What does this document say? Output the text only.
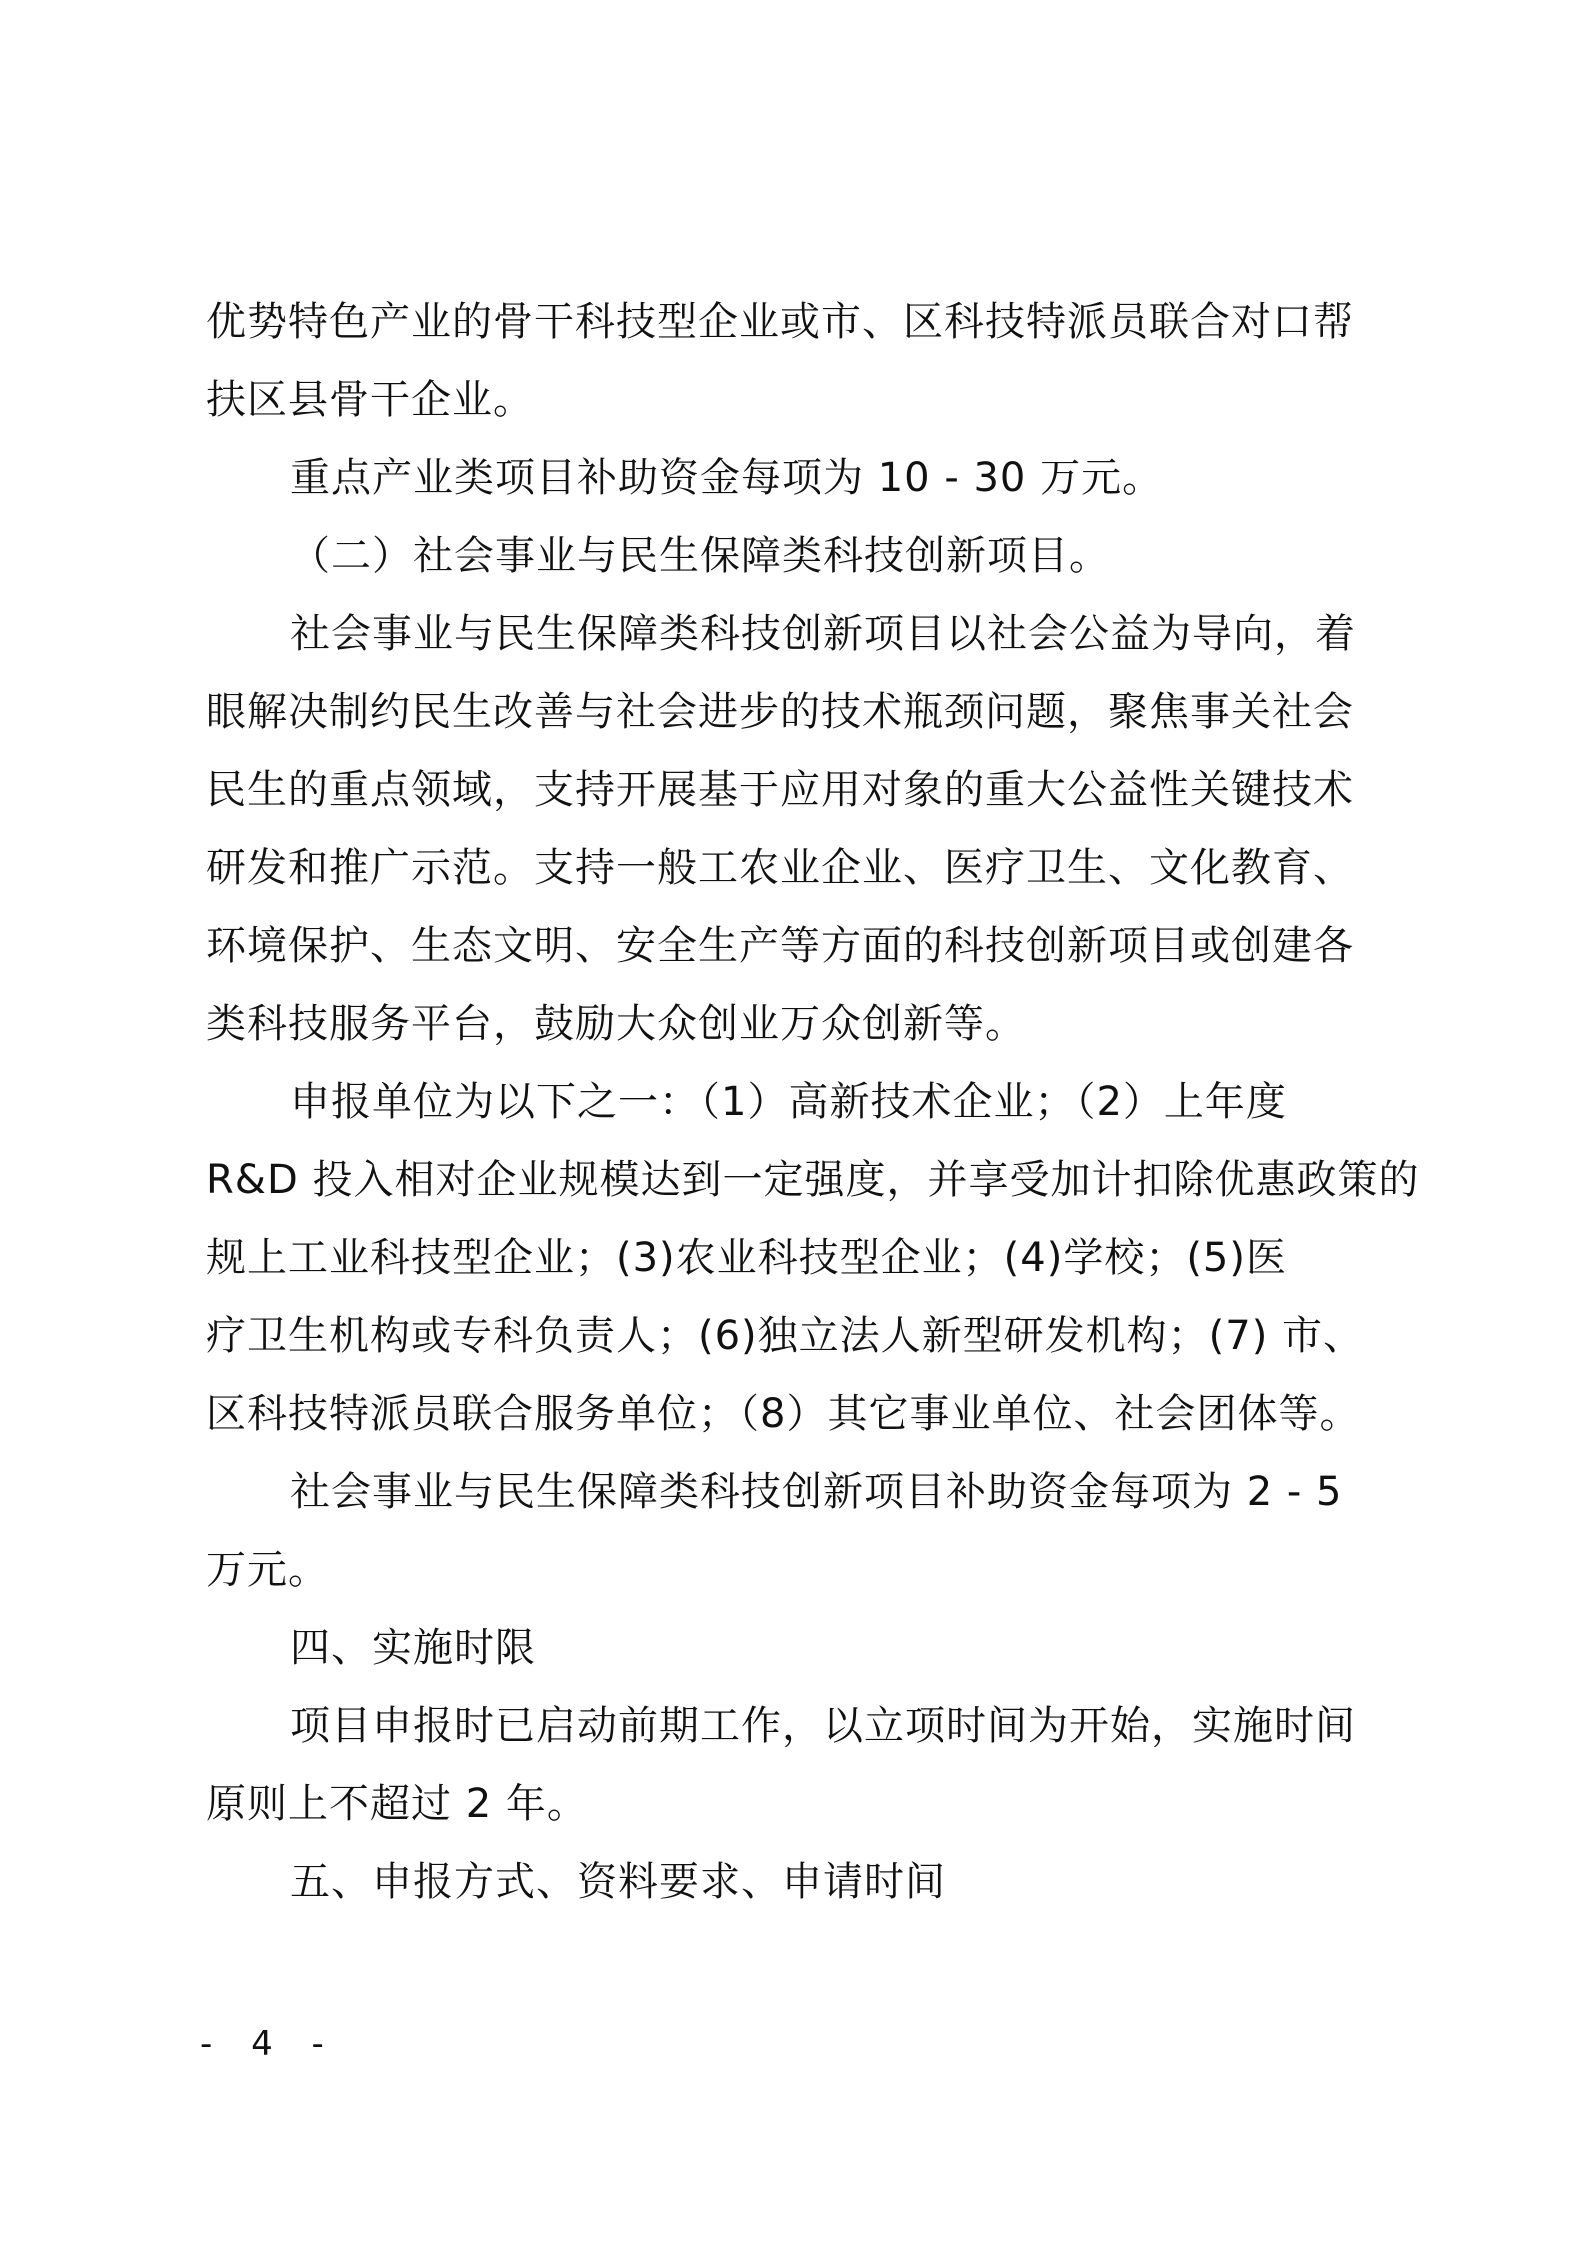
优势特色产业的骨干科技型企业或市、区科技特派员联合对口帮
扶区县骨干企业。
重点产业类项目补助资金每项为 10 - 30 万元。
（二）社会事业与民生保障类科技创新项目。
社会事业与民生保障类科技创新项目以社会公益为导向，着
眼解决制约民生改善与社会进步的技术瓶颈问题，聚焦事关社会
民生的重点领域，支持开展基于应用对象的重大公益性关键技术
研发和推广示范。支持一般工农业企业、医疗卫生、文化教育、
环境保护、生态文明、安全生产等方面的科技创新项目或创建各
类科技服务平台，鼓励大众创业万众创新等。
申报单位为以下之一：（1）高新技术企业；（2）上年度
R&D 投入相对企业规模达到一定强度，并享受加计扣除优惠政策的
规上工业科技型企业；(3)农业科技型企业；(4)学校；(5)医
疗卫生机构或专科负责人；(6)独立法人新型研发机构；(7) 市、
区科技特派员联合服务单位；（8）其它事业单位、社会团体等。
社会事业与民生保障类科技创新项目补助资金每项为 2 - 5
万元。
四、实施时限
项目申报时已启动前期工作，以立项时间为开始，实施时间
原则上不超过 2 年。
五、申报方式、资料要求、申请时间
- 4 -
